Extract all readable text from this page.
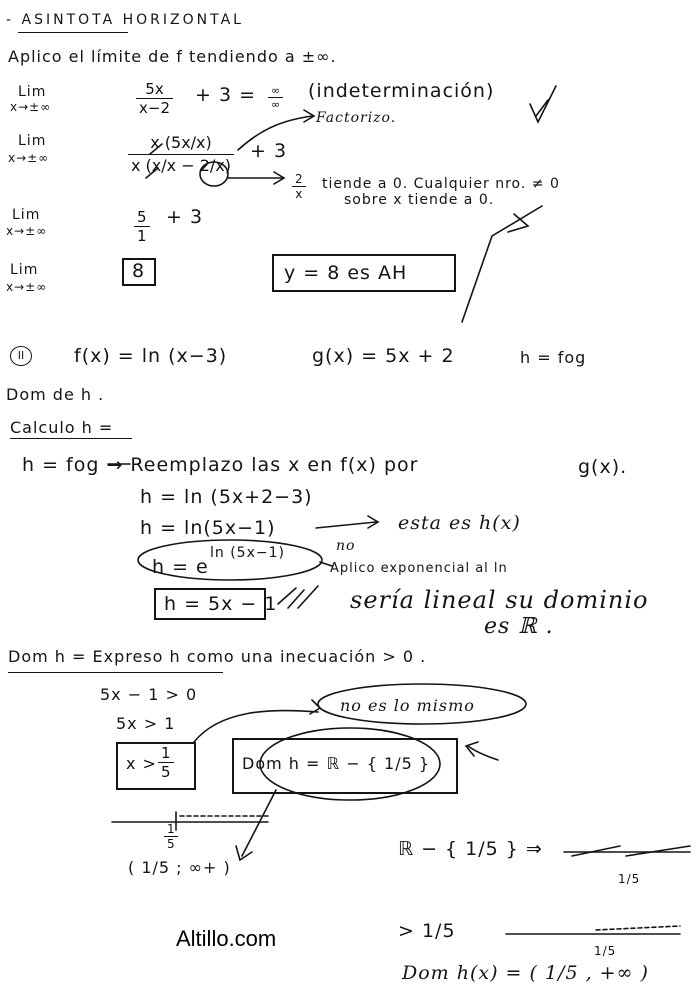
- ASINTOTA HORIZONTAL
Aplico el límite de f tendiendo a ±∞.
Lim
x→±∞	$\frac{5x}{x-2} + 3$ = ∞
∞
(indeterminación)
Lim
x→±∞	$\frac{x (5x/x)}{x (x/x - 2/x)} + 3$
Factorizo.
$\frac{2}{x}$ tiende a 0. Cualquier nro. ≠ 0
sobre x tiende a 0.
Lim
x→±∞	$\frac{5}{1} + 3$
Lim
x→±∞
8	y = 8 es AH
II	f(x) = ln (x−3)	g(x) = 5x + 2	h = fog
Dom de h .
Calculo h =
h = fog → Reemplazo las x en f(x) por	g(x).
h = ln (5x+2−3)
h = ln(5x−1)	esta es h(x)
h = e
ln (5x−1)	no
Aplico exponencial al ln
h = 5x − 1	sería lineal su dominio
es ℝ .
Dom h = Expreso h como una inecuación > 0 .
5x − 1 > 0
5x > 1
$x > \frac{1}{5}$
no es lo mismo
Dom h = ℝ − { 1/5 }
$\frac{1}{5}$
( 1/5 ; ∞+ )
ℝ − { 1/5 } ⇒
1/5
> 1/5
1/5
Dom h(x) = ( 1/5 , +∞ )
Altillo.com
